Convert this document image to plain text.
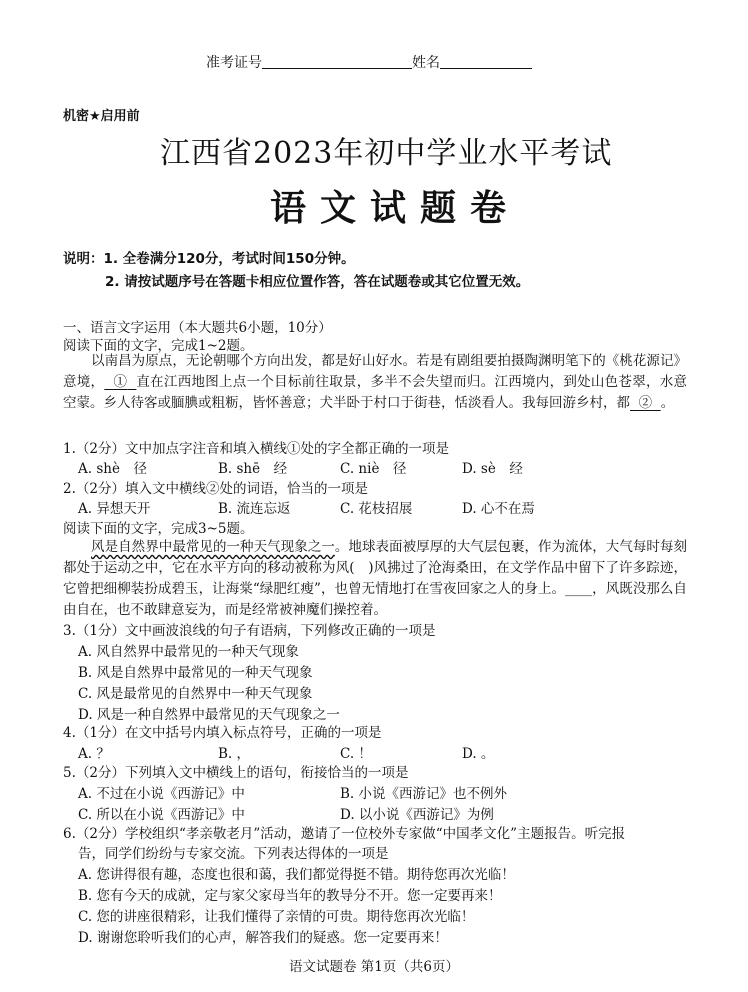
准考证号	姓名
机密★启用前
江西省2023年初中学业水平考试
语文试题卷
说明：1. 全卷满分120分，考试时间150分钟。
2. 请按试题序号在答题卡相应位置作答，答在试题卷或其它位置无效。
一、语言文字运用（本大题共6小题，10分）
阅读下面的文字，完成1~2题。
以南昌为原点，无论朝哪个方向出发，都是好山好水。若是有剧组要拍摄陶渊明笔下的《桃花源记》意境， ① 直在江西地图上点一个目标前往取景，多半不会失望而归。江西境内，到处山色苍翠，水意空蒙。乡人待客或腼腆或粗粝，皆怀善意；犬半卧于村口于街巷，恬淡看人。我每回游乡村，都 ② 。
1.（2分）文中加点字注音和填入横线①处的字全都正确的一项是
A. shè　径	B. shē　经	C. niè　径	D. sè　经
2.（2分）填入文中横线②处的词语，恰当的一项是
A. 异想天开	B. 流连忘返	C. 花枝招展	D. 心不在焉
阅读下面的文字，完成3~5题。
风是自然界中最常见的一种天气现象之一。地球表面被厚厚的大气层包裹，作为流体，大气每时每刻都处于运动之中，它在水平方向的移动被称为风(　)风拂过了沧海桑田，在文学作品中留下了许多踪迹，它曾把细柳装扮成碧玉，让海棠“绿肥红瘦”，也曾无情地打在雪夜回家之人的身上。____，风既没那么自由自在，也不敢肆意妄为，而是经常被神魔们操控着。
3.（1分）文中画波浪线的句子有语病，下列修改正确的一项是
A. 风自然界中最常见的一种天气现象
B. 风是自然界中最常见的一种天气现象
C. 风是最常见的自然界中一种天气现象
D. 风是一种自然界中最常见的天气现象之一
4.（1分）在文中括号内填入标点符号，正确的一项是
A. ？	B. ，	C. ！	D. 。
5.（2分）下列填入文中横线上的语句，衔接恰当的一项是
A. 不过在小说《西游记》中	B. 小说《西游记》也不例外
C. 所以在小说《西游记》中	D. 以小说《西游记》为例
6.（2分）学校组织“孝亲敬老月”活动，邀请了一位校外专家做“中国孝文化”主题报告。听完报
告，同学们纷纷与专家交流。下列表达得体的一项是
A. 您讲得很有趣，态度也很和蔼，我们都觉得挺不错。期待您再次光临！
B. 您有今天的成就，定与家父家母当年的教导分不开。您一定要再来！
C. 您的讲座很精彩，让我们懂得了亲情的可贵。期待您再次光临！
D. 谢谢您聆听我们的心声，解答我们的疑惑。您一定要再来！
语文试题卷 第1页（共6页）
